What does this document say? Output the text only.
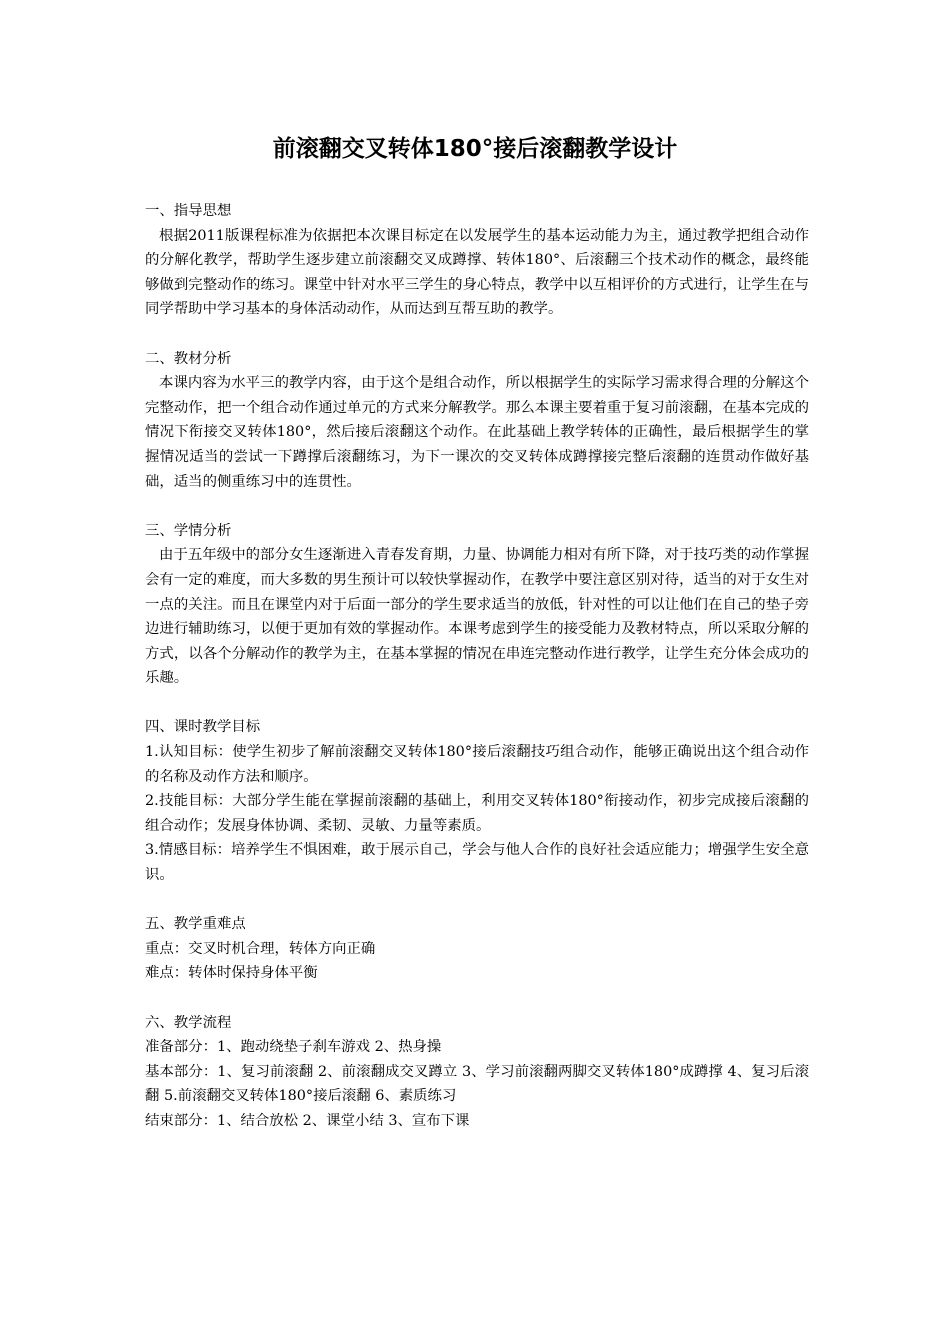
前滚翻交叉转体180°接后滚翻教学设计
一、指导思想

根据2011版课程标准为依据把本次课目标定在以发展学生的基本运动能力为主，通过教学把组合动作的分解化教学，帮助学生逐步建立前滚翻交叉成蹲撑、转体180°、后滚翻三个技术动作的概念，最终能够做到完整动作的练习。课堂中针对水平三学生的身心特点，教学中以互相评价的方式进行，让学生在与同学帮助中学习基本的身体活动动作，从而达到互帮互助的教学。

二、教材分析

本课内容为水平三的教学内容，由于这个是组合动作，所以根据学生的实际学习需求得合理的分解这个完整动作，把一个组合动作通过单元的方式来分解教学。那么本课主要着重于复习前滚翻，在基本完成的情况下衔接交叉转体180°，然后接后滚翻这个动作。在此基础上教学转体的正确性，最后根据学生的掌握情况适当的尝试一下蹲撑后滚翻练习，为下一课次的交叉转体成蹲撑接完整后滚翻的连贯动作做好基础，适当的侧重练习中的连贯性。

三、学情分析

由于五年级中的部分女生逐渐进入青春发育期，力量、协调能力相对有所下降，对于技巧类的动作掌握会有一定的难度，而大多数的男生预计可以较快掌握动作，在教学中要注意区别对待，适当的对于女生对一点的关注。而且在课堂内对于后面一部分的学生要求适当的放低，针对性的可以让他们在自己的垫子旁边进行辅助练习，以便于更加有效的掌握动作。本课考虑到学生的接受能力及教材特点，所以采取分解的方式，以各个分解动作的教学为主，在基本掌握的情况在串连完整动作进行教学，让学生充分体会成功的乐趣。

四、课时教学目标

1.认知目标：使学生初步了解前滚翻交叉转体180°接后滚翻技巧组合动作，能够正确说出这个组合动作的名称及动作方法和顺序。

2.技能目标：大部分学生能在掌握前滚翻的基础上，利用交叉转体180°衔接动作，初步完成接后滚翻的组合动作；发展身体协调、柔韧、灵敏、力量等素质。

3.情感目标：培养学生不惧困难，敢于展示自己，学会与他人合作的良好社会适应能力；增强学生安全意识。

五、教学重难点

重点：交叉时机合理，转体方向正确

难点：转体时保持身体平衡

六、教学流程

准备部分：1、跑动绕垫子刹车游戏 2、热身操

基本部分：1、复习前滚翻 2、前滚翻成交叉蹲立 3、学习前滚翻两脚交叉转体180°成蹲撑 4、复习后滚翻 5.前滚翻交叉转体180°接后滚翻 6、素质练习

结束部分：1、结合放松 2、课堂小结 3、宣布下课
